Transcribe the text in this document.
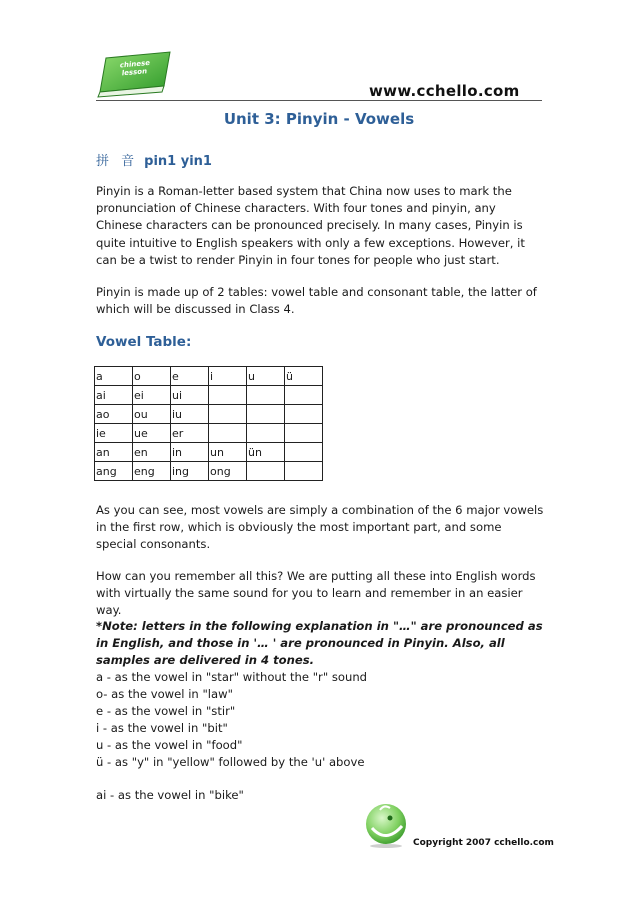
chinese
lesson
www.cchello.com
Unit 3: Pinyin - Vowels
拼 音 pin1 yin1
Pinyin is a Roman-letter based system that China now uses to mark the pronunciation of Chinese characters. With four tones and pinyin, any Chinese characters can be pronounced precisely. In many cases, Pinyin is quite intuitive to English speakers with only a few exceptions. However, it can be a twist to render Pinyin in four tones for people who just start.
Pinyin is made up of 2 tables: vowel table and consonant table, the latter of which will be discussed in Class 4.
Vowel Table:
a	o	e	i	u	ü
ai	ei	ui			
ao	ou	iu			
ie	ue	er			
an	en	in	un	ün	
ang	eng	ing	ong		
As you can see, most vowels are simply a combination of the 6 major vowels in the first row, which is obviously the most important part, and some special consonants.
How can you remember all this? We are putting all these into English words with virtually the same sound for you to learn and remember in an easier way.
*Note: letters in the following explanation in "…" are pronounced as in English, and those in '… ' are pronounced in Pinyin. Also, all samples are delivered in 4 tones.
a - as the vowel in "star" without the "r" sound
o- as the vowel in "law"
e - as the vowel in "stir"
i - as the vowel in "bit"
u - as the vowel in "food"
ü - as "y" in "yellow" followed by the 'u' above
ai - as the vowel in "bike"
Copyright 2007 cchello.com
